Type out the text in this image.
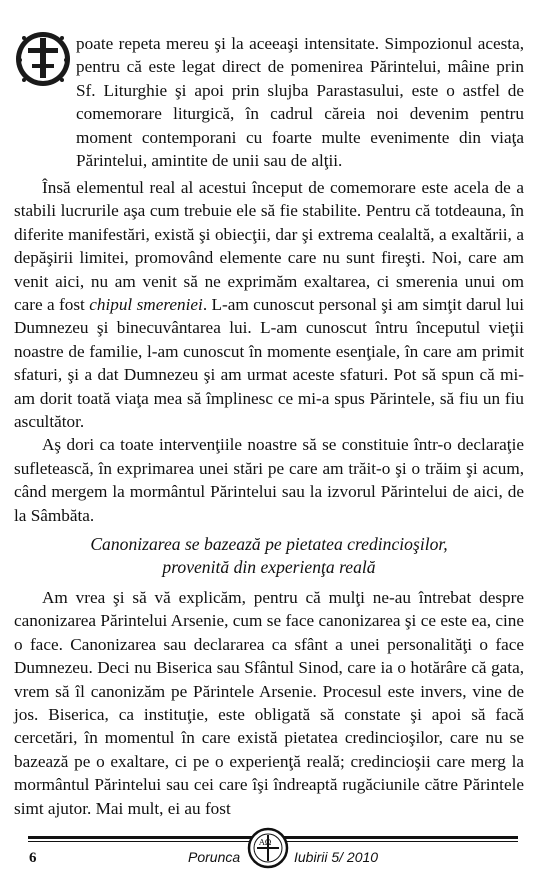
poate repeta mereu şi la aceeaşi intensitate. Simpozionul acesta, pentru că este legat direct de pomenirea Părintelui, mâine prin Sf. Liturghie şi apoi prin slujba Parastasului, este o astfel de comemorare liturgică, în cadrul căreia noi devenim pentru moment contemporani cu foarte multe evenimente din viaţa Părintelui, amintite de unii sau de alţii.

Însă elementul real al acestui început de comemorare este acela de a stabili lucrurile aşa cum trebuie ele să fie stabilite. Pentru că totdeauna, în diferite manifestări, există şi obiecţii, dar şi extrema cealaltă, a exaltării, a depăşirii limitei, promovând elemente care nu sunt fireşti. Noi, care am venit aici, nu am venit să ne exprimăm exaltarea, ci smerenia unui om care a fost chipul smereniei. L-am cunoscut personal şi am simţit darul lui Dumnezeu şi binecuvântarea lui. L-am cunoscut întru începutul vieţii noastre de familie, l-am cunoscut în momente esenţiale, în care am primit sfaturi, şi a dat Dumnezeu şi am urmat aceste sfaturi. Pot să spun că mi-am dorit toată viaţa mea să împlinesc ce mi-a spus Părintele, să fiu un fiu ascultător.

Aş dori ca toate intervenţiile noastre să se constituie într-o declaraţie sufletească, în exprimarea unei stări pe care am trăit-o şi o trăim şi acum, când mergem la mormântul Părintelui sau la izvorul Părintelui de aici, de la Sâmbăta.

Canonizarea se bazează pe pietatea credincioşilor,
provenită din experienţa reală

Am vrea şi să vă explicăm, pentru că mulţi ne-au întrebat despre canonizarea Părintelui Arsenie, cum se face canonizarea şi ce este ea, cine o face. Canonizarea sau declararea ca sfânt a unei personalităţi o face Dumnezeu. Deci nu Biserica sau Sfântul Sinod, care ia o hotărâre că gata, vrem să îl canonizăm pe Părintele Arsenie. Procesul este invers, vine de jos. Biserica, ca instituţie, este obligată să constate şi apoi să facă cercetări, în momentul în care există pietatea credincioşilor, care nu se bazează pe o exaltare, ci pe o experienţă reală; credincioşii care merg la mormântul Părintelui sau cei care îşi îndreaptă rugăciunile către Părintele simt ajutor. Mai mult, ei au fost

6	Porunca
ΑΩ
Iubirii 5/ 2010
